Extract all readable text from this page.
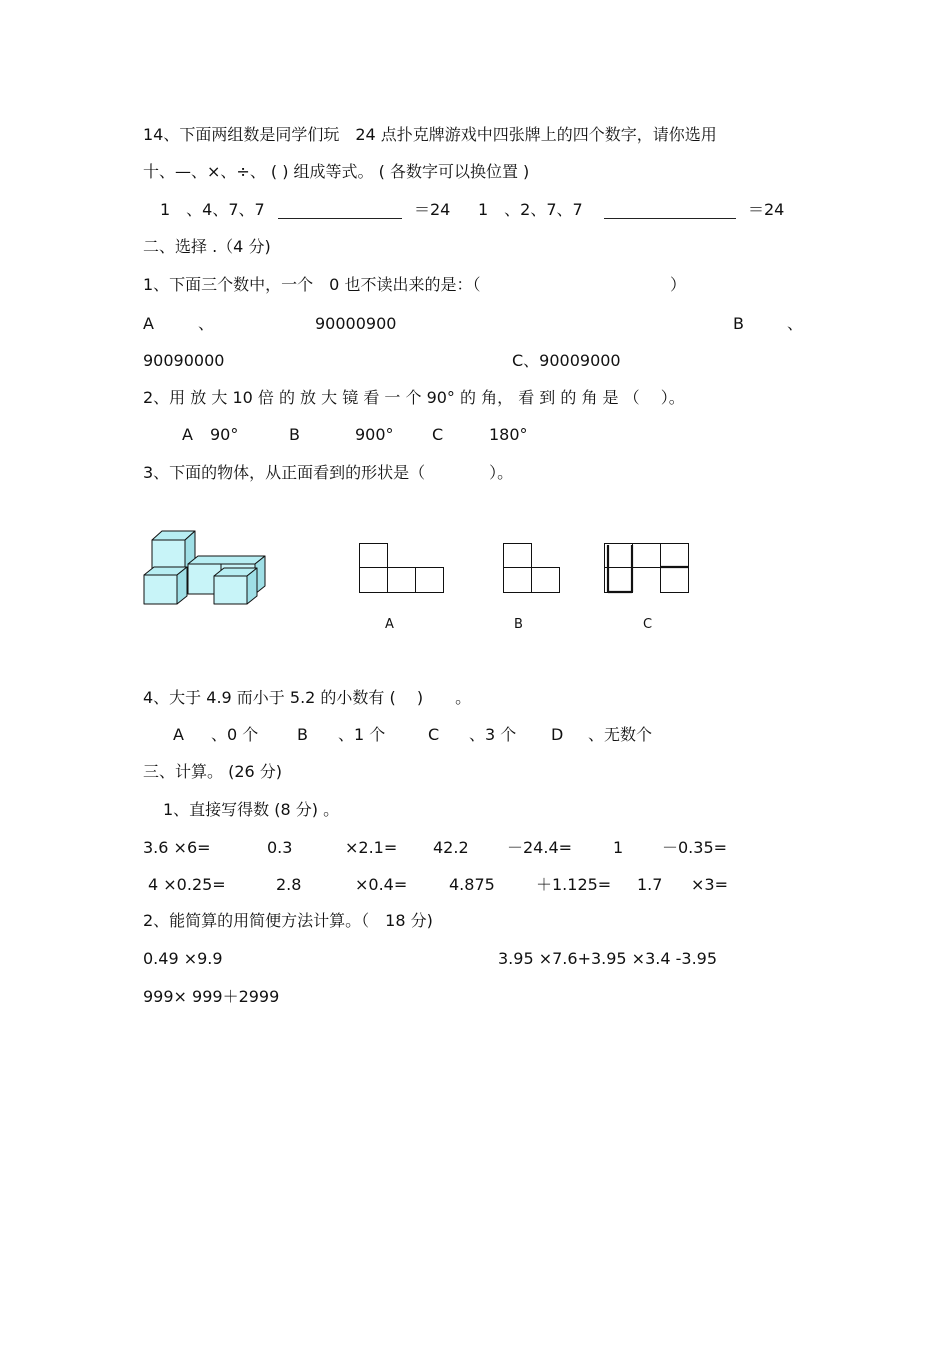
14、下面两组数是同学们玩　24 点扑克牌游戏中四张牌上的四个数字，请你选用
十、—、×、÷、 ( ) 组成等式。 ( 各数字可以换位置 )
1　、4、7、7	＝24 1　、2、7、7	＝24
二、选择 .（4 分)
1、下面三个数中，一个　0 也不读出来的是：（	）
A	、	90000900	B	、
90090000	C、90009000
2、用 放 大 10 倍 的 放 大 镜 看 一 个 90° 的 角， 看 到 的 角 是 （　 ）。
A 90°	B	900° C	180°
3、下面的物体，从正面看到的形状是（　　　　）。
A	B	C
4、大于 4.9 而小于 5.2 的小数有 (　 )　　。
A 、0 个 B 、1 个	C 、3 个 D 、无数个
三、计算。 (26 分)
1、直接写得数 (8 分) 。
3.6 ×6=	0.3	×2.1= 42.2 －24.4=	1 －0.35=
4 ×0.25=	2.8	×0.4=	4.875	＋1.125= 1.7 ×3=
2、能简算的用简便方法计算。（　18 分)
0.49 ×9.9	3.95 ×7.6+3.95 ×3.4 -3.95
999× 999＋2999
